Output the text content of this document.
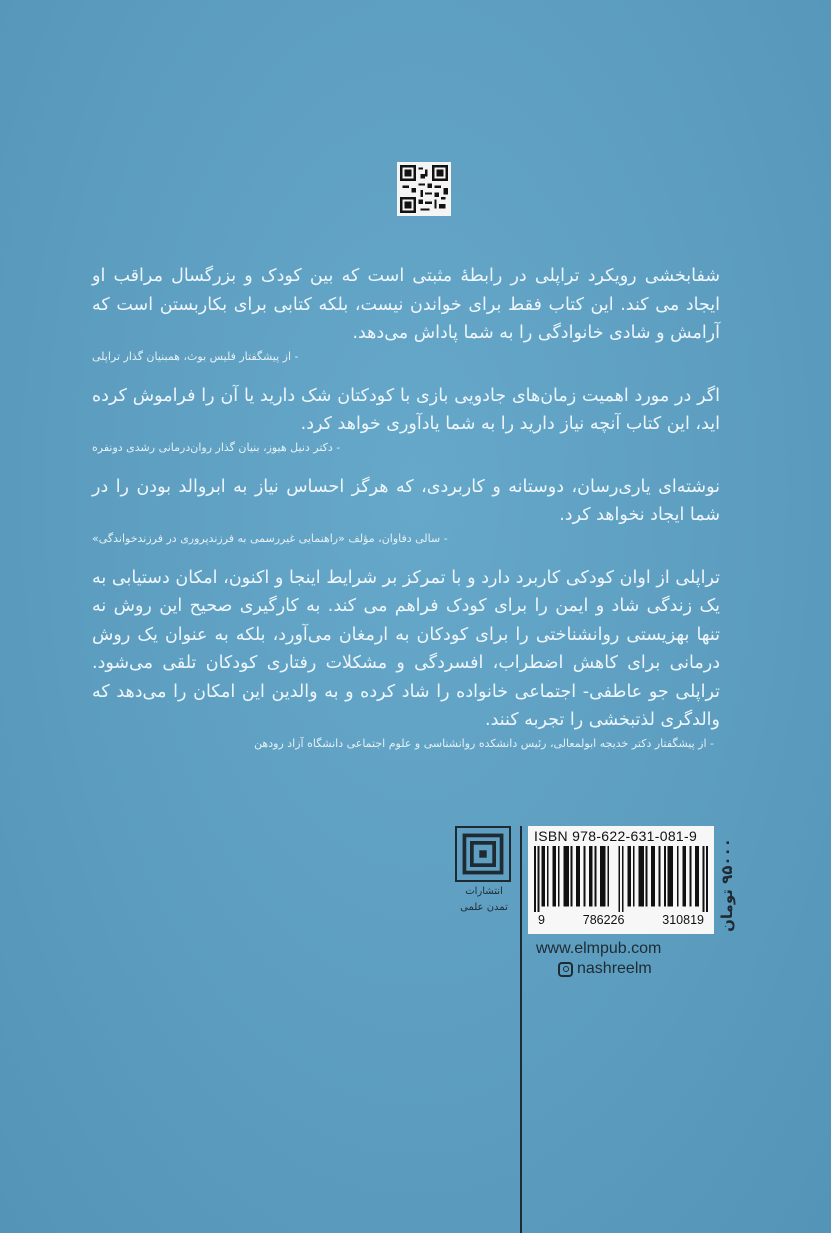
شفابخشی رویکرد تراپلی در رابطهٔ مثبتی است که بین کودک و بزرگسال مراقب او ایجاد می کند. این کتاب فقط برای خواندن نیست، بلکه کتابی برای بکاربستن است که آرامش و شادی خانوادگی را به شما پاداش می‌دهد.

- از پیشگفتار فلیس بوث، همبنیان گذار تراپلی

اگر در مورد اهمیت زمان‌های جادویی بازی با کودکتان شک دارید یا آن را فراموش کرده اید، این کتاب آنچه نیاز دارید را به شما یادآوری خواهد کرد.

- دکتر دنیل هیوز، بنیان گذار روان‌درمانی رشدی دونفره

نوشته‌ای یاری‌رسان، دوستانه و کاربردی، که هرگز احساس نیاز به ابروالد بودن را در شما ایجاد نخواهد کرد.

- سالی دفاوان، مؤلف «راهنمایی غیررسمی به فرزندپروری در فرزندخواندگی»

تراپلی از اوان کودکی کاربرد دارد و با تمرکز بر شرایط اینجا و اکنون، امکان دستیابی به یک زندگی شاد و ایمن را برای کودک فراهم می کند. به کارگیری صحیح این روش نه تنها بهزیستی روانشناختی را برای کودکان به ارمغان می‌آورد، بلکه به عنوان یک روش درمانی برای کاهش اضطراب، افسردگی و مشکلات رفتاری کودکان تلقی می‌شود. تراپلی جو عاطفی- اجتماعی خانواده را شاد کرده و به والدین این امکان را می‌دهد که والدگری لذتبخشی را تجربه کنند.

- از پیشگفتار دکتر خدیجه ابولمعالی، رئیس دانشکده روانشناسی و علوم اجتماعی دانشگاه آزاد رودهن

انتشارات
تمدن علمی
ISBN 978-622-631-081-9
9	786226	310819 ۹۵۰۰۰ تومان
www.elmpub.com
nashreelm
